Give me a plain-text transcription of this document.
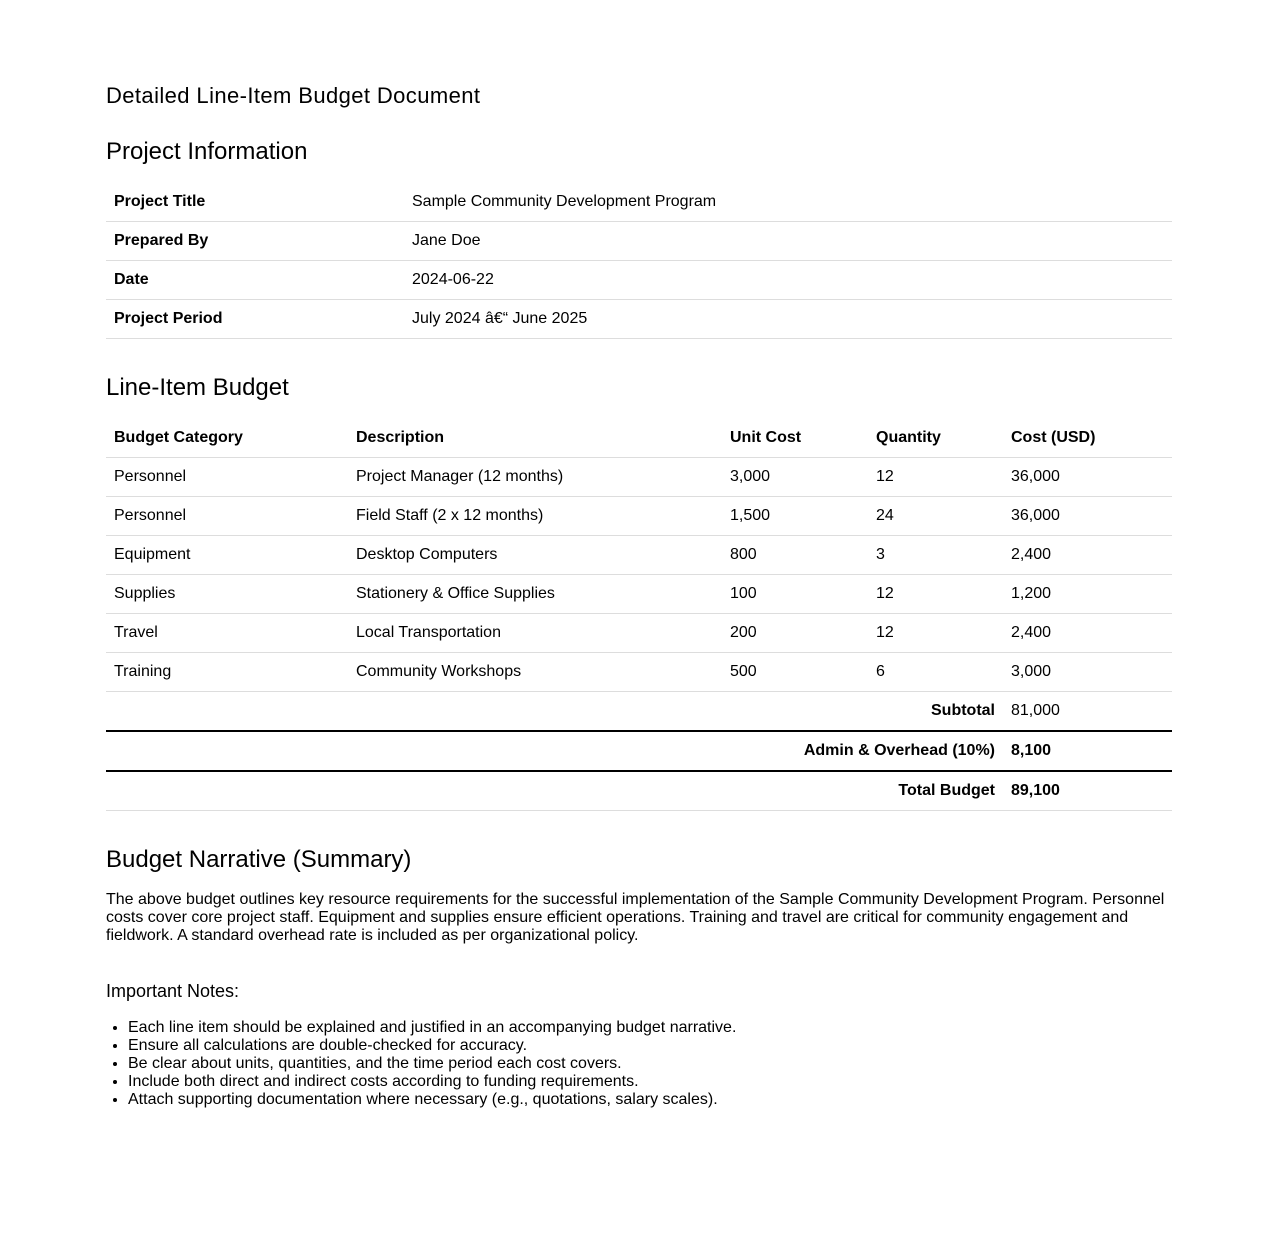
Detailed Line-Item Budget Document
Project Information
Project Title	Sample Community Development Program
Prepared By	Jane Doe
Date	2024-06-22
Project Period	July 2024 â€“ June 2025
Line-Item Budget
Budget Category	Description	Unit Cost	Quantity	Cost (USD)
Personnel	Project Manager (12 months)	3,000	12	36,000
Personnel	Field Staff (2 x 12 months)	1,500	24	36,000
Equipment	Desktop Computers	800	3	2,400
Supplies	Stationery & Office Supplies	100	12	1,200
Travel	Local Transportation	200	12	2,400
Training	Community Workshops	500	6	3,000
Subtotal				81,000
Admin & Overhead (10%)				8,100
Total Budget				89,100
Budget Narrative (Summary)

The above budget outlines key resource requirements for the successful implementation of the Sample Community Development Program. Personnel costs cover core project staff. Equipment and supplies ensure efficient operations. Training and travel are critical for community engagement and fieldwork. A standard overhead rate is included as per organizational policy.

Important Notes:
• Each line item should be explained and justified in an accompanying budget narrative.
• Ensure all calculations are double-checked for accuracy.
• Be clear about units, quantities, and the time period each cost covers.
• Include both direct and indirect costs according to funding requirements.
• Attach supporting documentation where necessary (e.g., quotations, salary scales).
